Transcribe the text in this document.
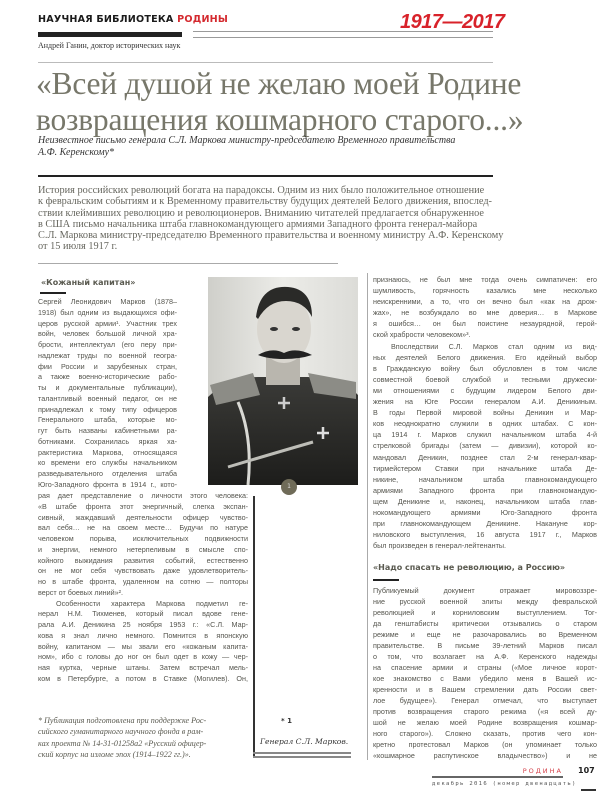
НАУЧНАЯ БИБЛИОТЕКА РОДИНЫ	1917—2017
Андрей Ганин, доктор исторических наук
«Всей душой не желаю моей Родине
возвращения кошмарного старого...»
Неизвестное письмо генерала С.Л. Маркова министру-председателю Временного правительства
А.Ф. Керенскому*
История российских революций богата на парадоксы. Одним из них было положительное отношение
к февральским событиям и к Временному правительству будущих деятелей Белого движения, впослед-
ствии клеймивших революцию и революционеров. Вниманию читателей предлагается обнаруженное
в США письмо начальника штаба главнокомандующего армиями Западного фронта генерал-майора
С.Л. Маркова министру-председателю Временного правительства и военному министру А.Ф. Керенскому
от 15 июля 1917 г.
«Кожаный капитан»
Сергей Леонидович Марков (1878–
1918) был одним из выдающихся офи-
церов русской армии¹. Участник трех
войн, человек большой личной хра-
брости, интеллектуал (его перу при-
надлежат труды по военной геогра-
фии России и зарубежных стран,
а также военно-исторические рабо-
ты и документальные публикации),
талантливый военный педагог, он не
принадлежал к тому типу офицеров
Генерального штаба, которые мо-
гут быть названы кабинетными ра-
ботниками. Сохранилась яркая ха-
рактеристика Маркова, относящаяся
ко времени его службы начальником
разведывательного отделения штаба
Юго-Западного фронта в 1914 г., кото-
рая дает представление о личности этого человека:
«В штабе фронта этот энергичный, слегка экспан-
сивный, жаждавший деятельности офицер чувство-
вал себя… не на своем месте… Будучи по натуре
человеком порыва, исключительных подвижности
и энергии, немного нетерпеливым в смысле спо-
койного выжидания развития событий, естественно
он не мог себя чувствовать даже удовлетворитель-
но в штабе фронта, удаленном на сотню — полторы
верст от боевых линий»².
Особенности характера Маркова подметил ге-
нерал Н.М. Тихменев, который писал вдове гене-
рала А.И. Деникина 25 ноября 1953 г.: «С.Л. Мар-
кова я знал лично немного. Помнится в японскую
войну, капитаном — мы звали его «кожаным капита-
ном», ибо с головы до ног он был одет в кожу — чер-
ная куртка, черные штаны. Затем встречал мель-
ком в Петербурге, а потом в Ставке (Могилев). Он,
1
* 1
Генерал С.Л. Марков.
* Публикация подготовлена при поддержке Рос-
сийского гуманитарного научного фонда в рам-
ках проекта № 14-31-01258а2 «Русский офицер-
ский корпус на изломе эпох (1914–1922 гг.)».
признаюсь, не был мне тогда очень симпатичен: его
шумливость, горячность казались мне несколько
неискренними, а то, что он вечно был «как на дрож-
жах», не возбуждало во мне доверия… в Маркове
я ошибся… он был поистине незаурядной, герой-
ской храбрости человеком»³.
Впоследствии С.Л. Марков стал одним из вид-
ных деятелей Белого движения. Его идейный выбор
в Гражданскую войну был обусловлен в том числе
совместной боевой службой и тесными дружески-
ми отношениями с будущим лидером Белого дви-
жения на Юге России генералом А.И. Деникиным.
В годы Первой мировой войны Деникин и Мар-
ков неоднократно служили в одних штабах. С кон-
ца 1914 г. Марков служил начальником штаба 4-й
стрелковой бригады (затем — дивизии), которой ко-
мандовал Деникин, позднее стал 2-м генерал-квар-
тирмейстером Ставки при начальнике штаба Де-
никине, начальником штаба главнокомандующего
армиями Западного фронта при главнокомандую-
щем Деникине и, наконец, начальником штаба глав-
нокомандующего армиями Юго-Западного фронта
при главнокомандующем Деникине. Накануне кор-
ниловского выступления, 16 августа 1917 г., Марков
был произведен в генерал-лейтенанты.
«Надо спасать не революцию, а Россию»
Публикуемый документ отражает мировоззре-
ние русской военной элиты между февральской
революцией и корниловским выступлением. Тог-
да генштабисты критически отзывались о старом
режиме и еще не разочаровались во Временном
правительстве. В письме 39-летний Марков писал
о том, что возлагает на А.Ф. Керенского надежды
на спасение армии и страны («Мое личное корот-
кое знакомство с Вами убедило меня в Вашей ис-
кренности и в Вашем стремлении дать России свет-
лое будущее»). Генерал отмечал, что выступает
против возвращения старого режима («я всей ду-
шой не желаю моей Родине возвращения кошмар-
ного старого»). Сложно сказать, против чего кон-
кретно протестовал Марков (он упоминает только
«кошмарное распутинское владычество») и не
РОДИНА 107
декабрь 2016 (номер двенадцать)
